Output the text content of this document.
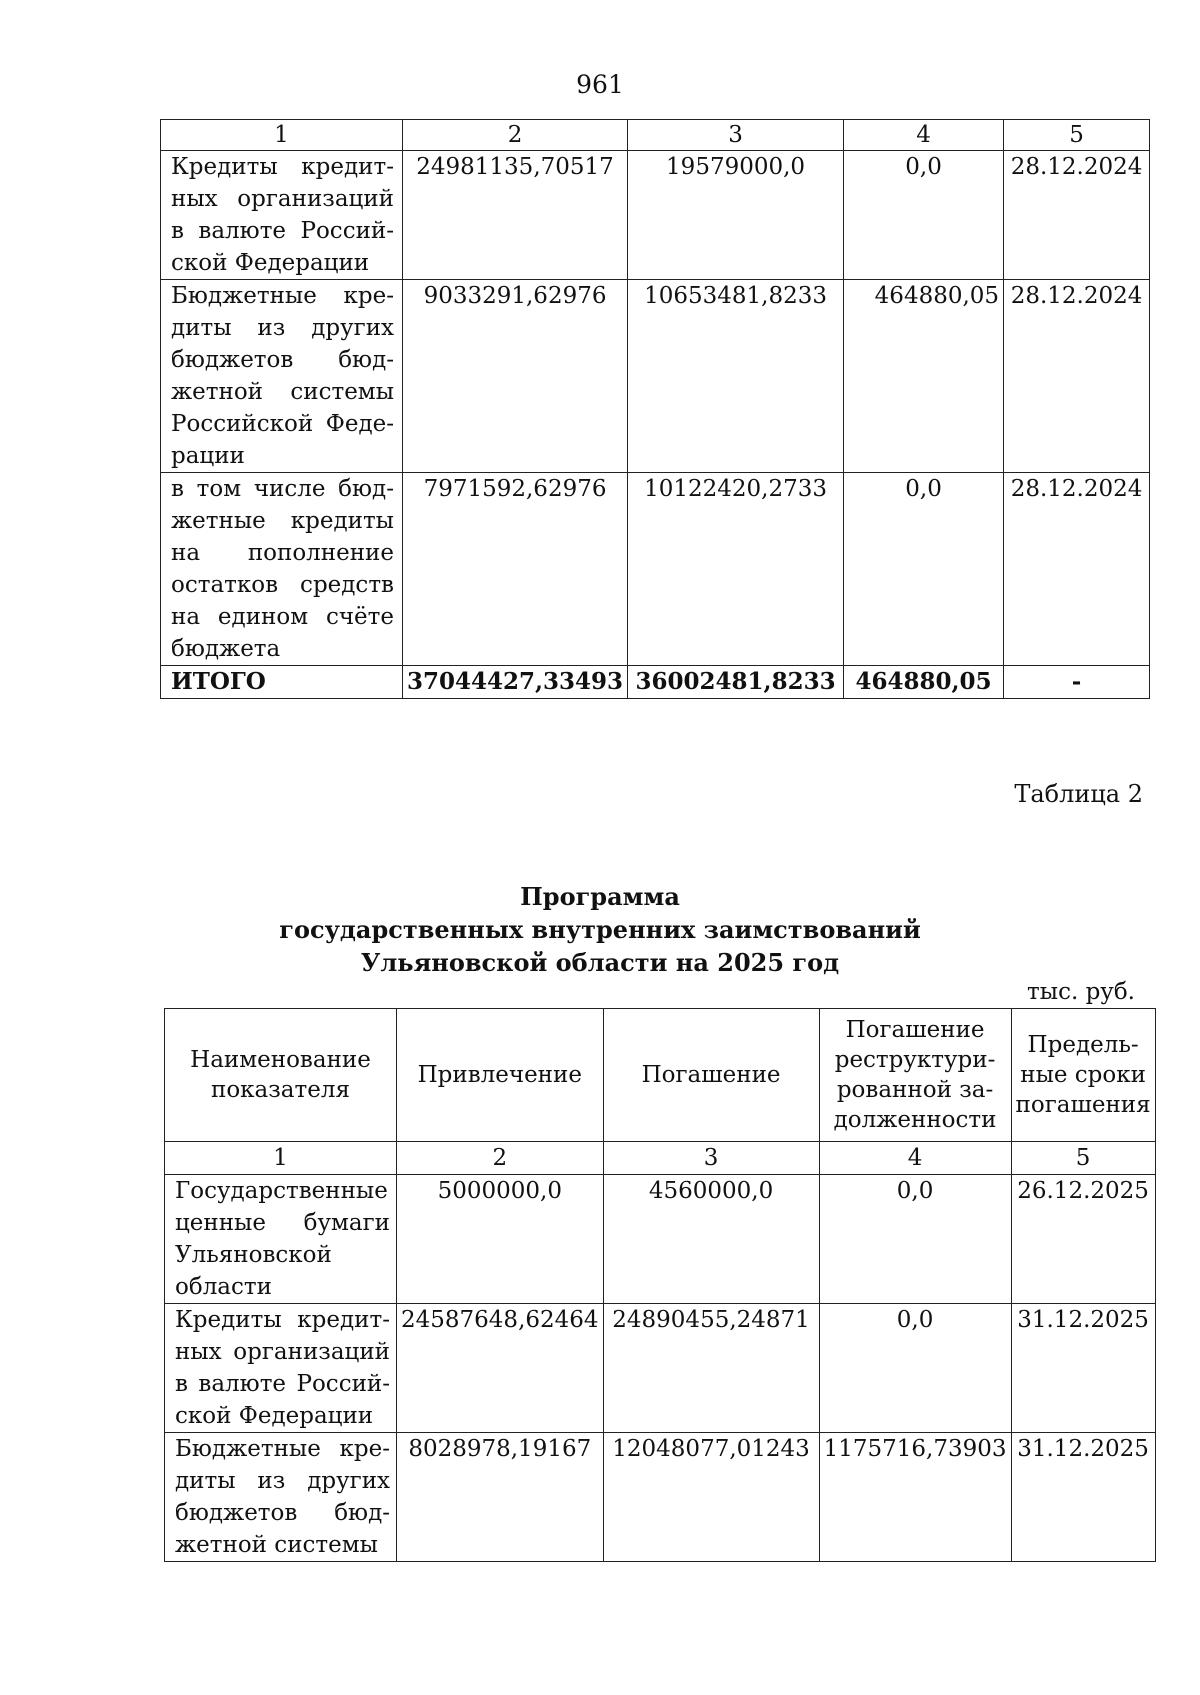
961
1	2	3	4	5
Кредиты кредит-ных организаций в валюте Россий-ской Федерации	24981135,70517	19579000,0	0,0	28.12.2024
Бюджетные кре-диты из других бюджетов бюд-жетной системы Российской Феде-рации	9033291,62976	10653481,8233	464880,05	28.12.2024
в том числе бюд-жетные кредиты на пополнение остатков средств на едином счёте бюджета	7971592,62976	10122420,2733	0,0	28.12.2024
ИТОГО	37044427,33493	36002481,8233	464880,05	-
Таблица 2
Программа
государственных внутренних заимствований
Ульяновской области на 2025 год
тыс. руб.
Наименование показателя	Привлечение	Погашение	Погашение реструктури-рованной за-долженности	Предель-ные сроки погашения
1	2	3	4	5
Государственные ценные бумаги Ульяновской области	5000000,0	4560000,0	0,0	26.12.2025
Кредиты кредит-ных организаций в валюте Россий-ской Федерации	24587648,62464	24890455,24871	0,0	31.12.2025
Бюджетные кре-диты из других бюджетов бюд-жетной системы	8028978,19167	12048077,01243	1175716,73903	31.12.2025
